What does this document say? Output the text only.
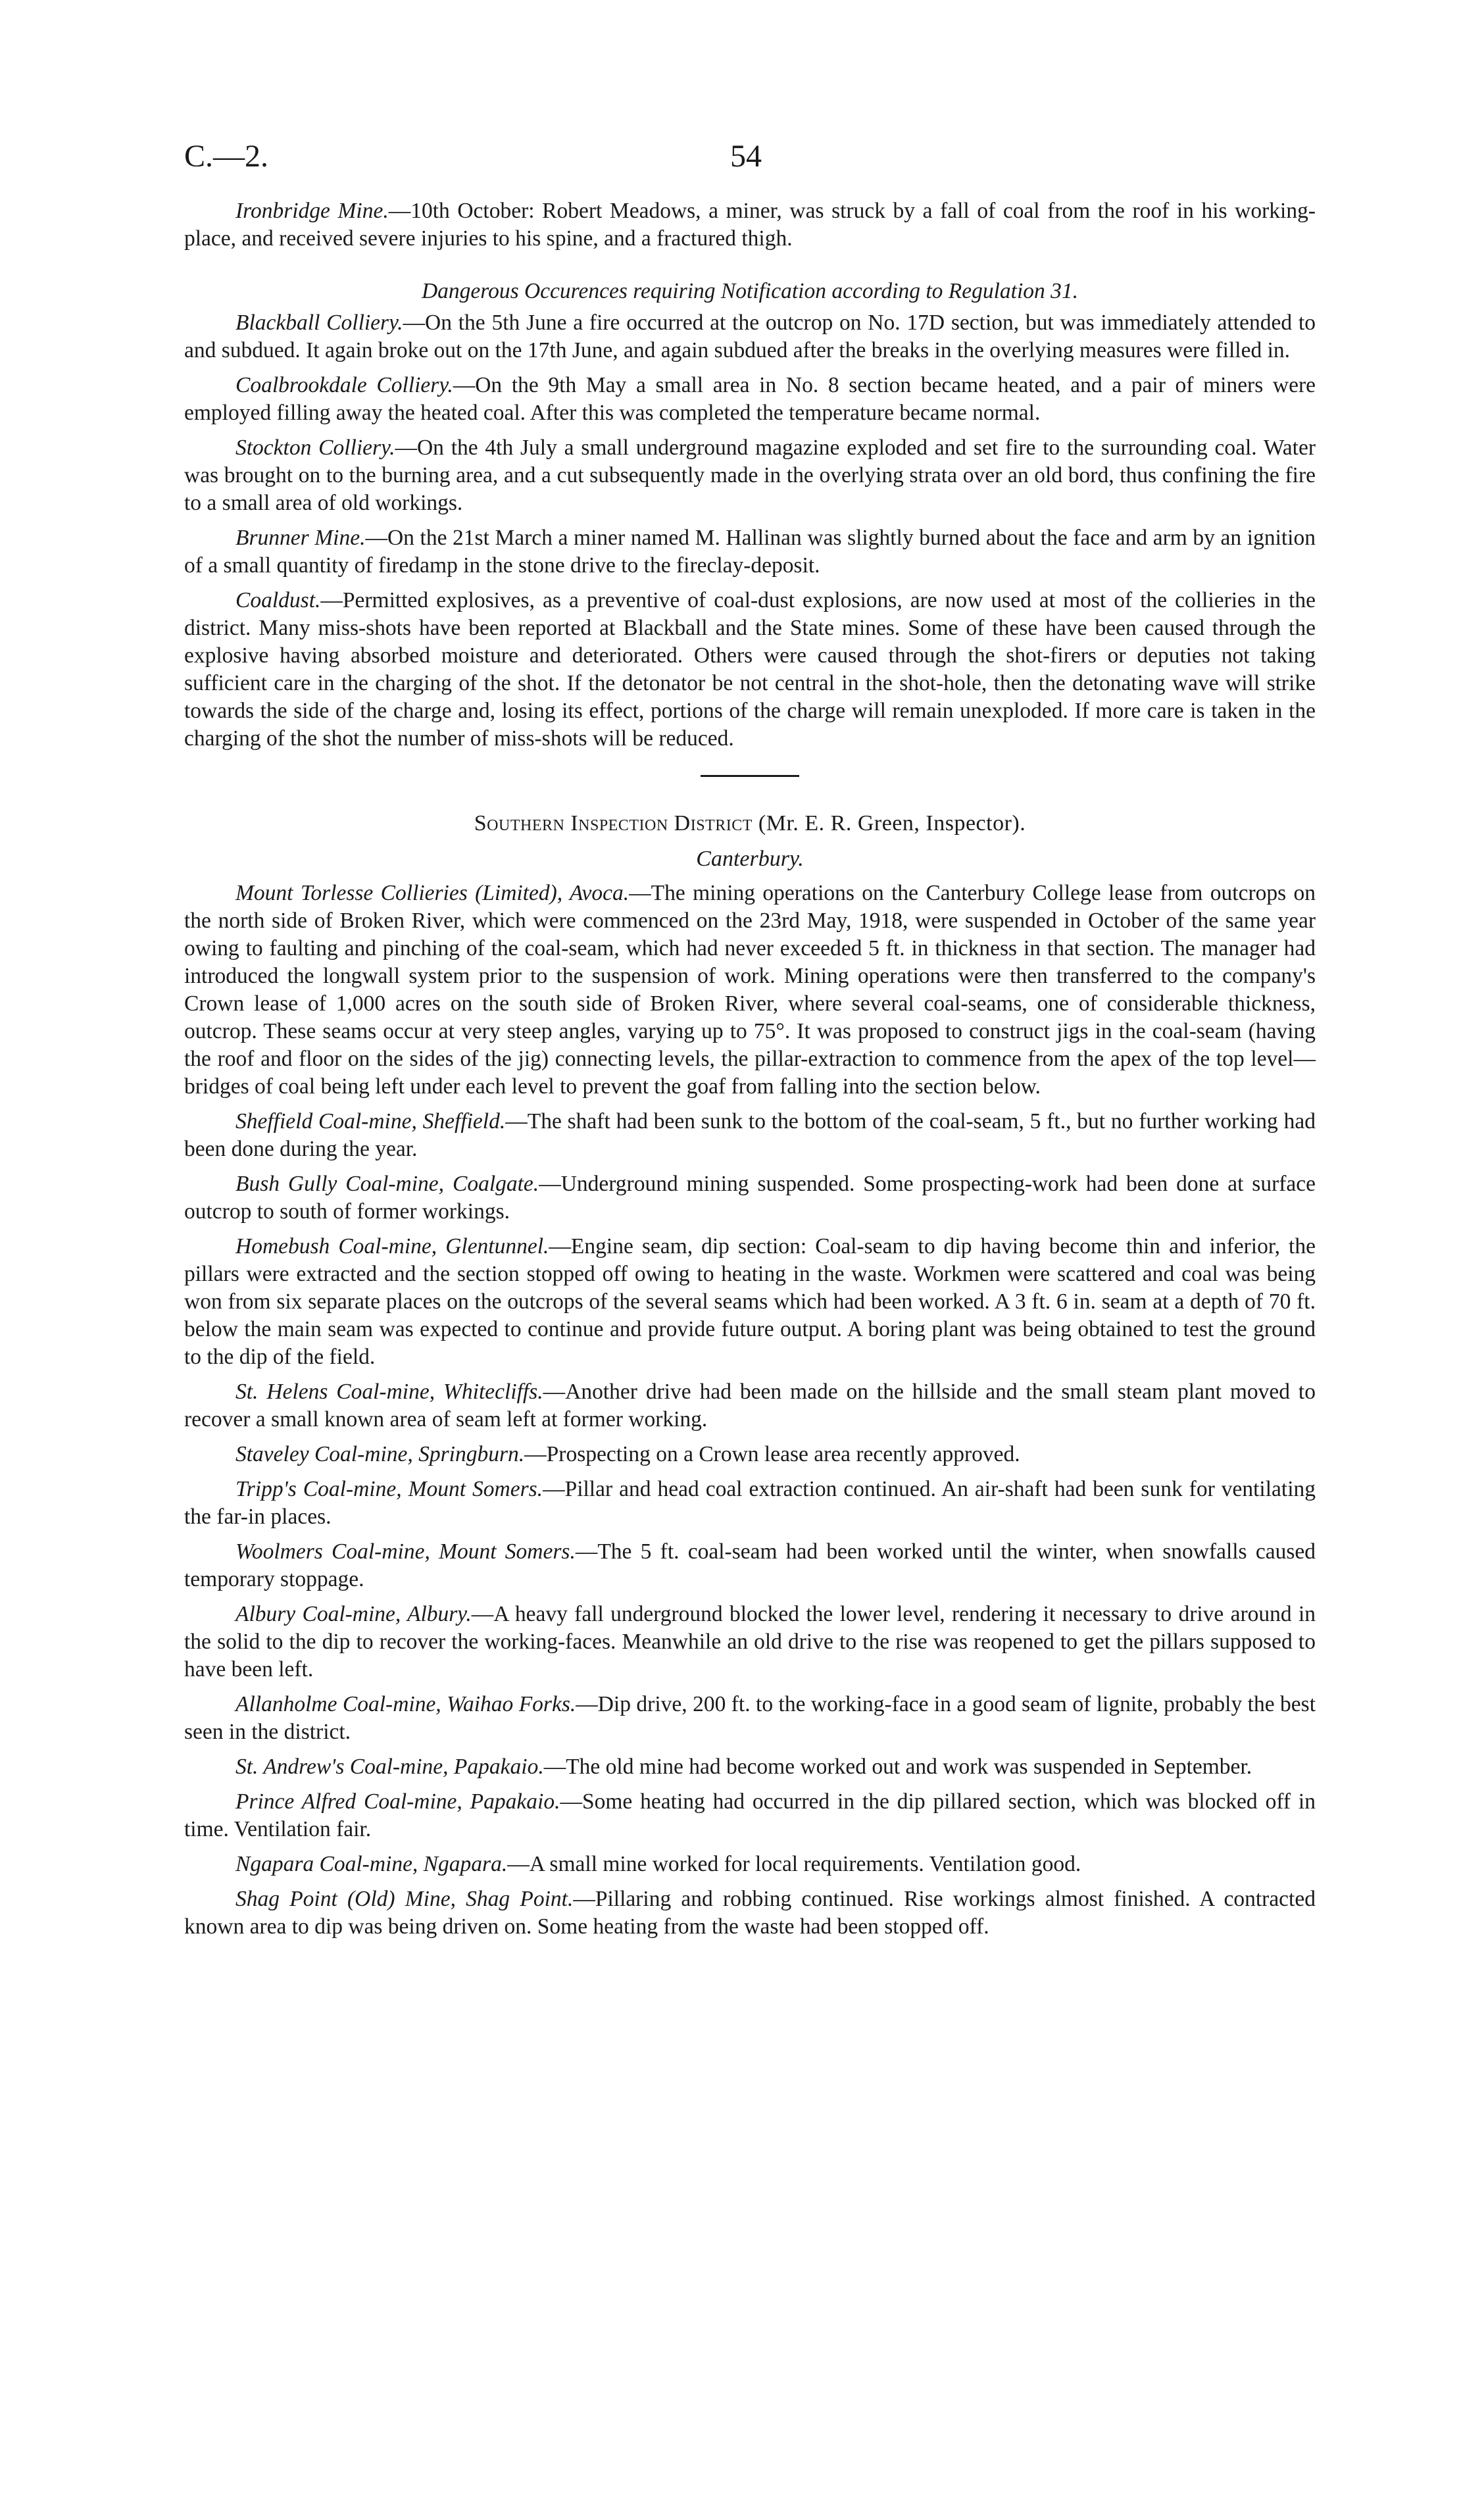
C.—2.	54

Ironbridge Mine.—10th October: Robert Meadows, a miner, was struck by a fall of coal from the roof in his working-place, and received severe injuries to his spine, and a fractured thigh.

Dangerous Occurences requiring Notification according to Regulation 31.

Blackball Colliery.—On the 5th June a fire occurred at the outcrop on No. 17D section, but was immediately attended to and subdued. It again broke out on the 17th June, and again subdued after the breaks in the overlying measures were filled in.

Coalbrookdale Colliery.—On the 9th May a small area in No. 8 section became heated, and a pair of miners were employed filling away the heated coal. After this was completed the temperature became normal.

Stockton Colliery.—On the 4th July a small underground magazine exploded and set fire to the surrounding coal. Water was brought on to the burning area, and a cut subsequently made in the overlying strata over an old bord, thus confining the fire to a small area of old workings.

Brunner Mine.—On the 21st March a miner named M. Hallinan was slightly burned about the face and arm by an ignition of a small quantity of firedamp in the stone drive to the fireclay-deposit.

Coaldust.—Permitted explosives, as a preventive of coal-dust explosions, are now used at most of the collieries in the district. Many miss-shots have been reported at Blackball and the State mines. Some of these have been caused through the explosive having absorbed moisture and deteriorated. Others were caused through the shot-firers or deputies not taking sufficient care in the charging of the shot. If the detonator be not central in the shot-hole, then the detonating wave will strike towards the side of the charge and, losing its effect, portions of the charge will remain unexploded. If more care is taken in the charging of the shot the number of miss-shots will be reduced.

Southern Inspection District (Mr. E. R. Green, Inspector).
Canterbury.

Mount Torlesse Collieries (Limited), Avoca.—The mining operations on the Canterbury College lease from outcrops on the north side of Broken River, which were commenced on the 23rd May, 1918, were suspended in October of the same year owing to faulting and pinching of the coal-seam, which had never exceeded 5 ft. in thickness in that section. The manager had introduced the longwall system prior to the suspension of work. Mining operations were then transferred to the company's Crown lease of 1,000 acres on the south side of Broken River, where several coal-seams, one of considerable thickness, outcrop. These seams occur at very steep angles, varying up to 75°. It was proposed to construct jigs in the coal-seam (having the roof and floor on the sides of the jig) connecting levels, the pillar-extraction to commence from the apex of the top level—bridges of coal being left under each level to prevent the goaf from falling into the section below.

Sheffield Coal-mine, Sheffield.—The shaft had been sunk to the bottom of the coal-seam, 5 ft., but no further working had been done during the year.

Bush Gully Coal-mine, Coalgate.—Underground mining suspended. Some prospecting-work had been done at surface outcrop to south of former workings.

Homebush Coal-mine, Glentunnel.—Engine seam, dip section: Coal-seam to dip having become thin and inferior, the pillars were extracted and the section stopped off owing to heating in the waste. Workmen were scattered and coal was being won from six separate places on the outcrops of the several seams which had been worked. A 3 ft. 6 in. seam at a depth of 70 ft. below the main seam was expected to continue and provide future output. A boring plant was being obtained to test the ground to the dip of the field.

St. Helens Coal-mine, Whitecliffs.—Another drive had been made on the hillside and the small steam plant moved to recover a small known area of seam left at former working.

Staveley Coal-mine, Springburn.—Prospecting on a Crown lease area recently approved.

Tripp's Coal-mine, Mount Somers.—Pillar and head coal extraction continued. An air-shaft had been sunk for ventilating the far-in places.

Woolmers Coal-mine, Mount Somers.—The 5 ft. coal-seam had been worked until the winter, when snowfalls caused temporary stoppage.

Albury Coal-mine, Albury.—A heavy fall underground blocked the lower level, rendering it necessary to drive around in the solid to the dip to recover the working-faces. Meanwhile an old drive to the rise was reopened to get the pillars supposed to have been left.

Allanholme Coal-mine, Waihao Forks.—Dip drive, 200 ft. to the working-face in a good seam of lignite, probably the best seen in the district.

St. Andrew's Coal-mine, Papakaio.—The old mine had become worked out and work was suspended in September.

Prince Alfred Coal-mine, Papakaio.—Some heating had occurred in the dip pillared section, which was blocked off in time. Ventilation fair.

Ngapara Coal-mine, Ngapara.—A small mine worked for local requirements. Ventilation good.

Shag Point (Old) Mine, Shag Point.—Pillaring and robbing continued. Rise workings almost finished. A contracted known area to dip was being driven on. Some heating from the waste had been stopped off.
